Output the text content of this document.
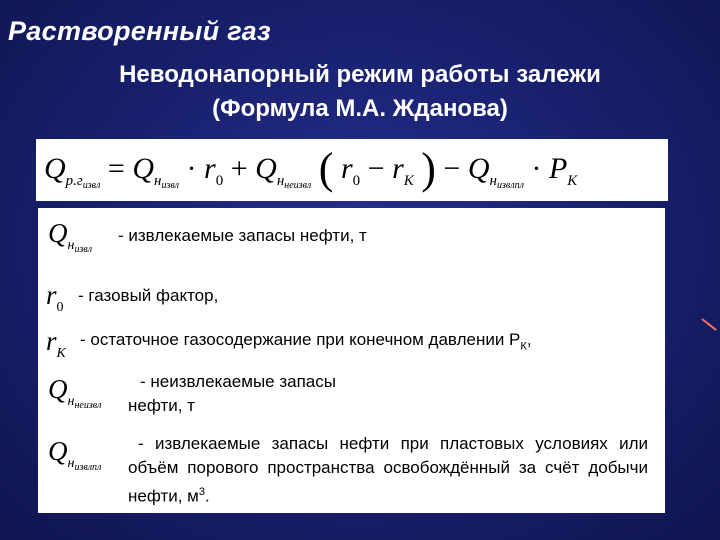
Растворенный газ
Неводонапорный режим работы залежи
(Формула М.А. Жданова)
$Q_{р.г_{извл}} = Q_{н_{извл}} \cdot r_0 + Q_{н_{неизвл}}$ ( $r_0 - r_K$ ) − $Q_{н_{извлпл}} \cdot P_K$
$Q_{н_{извл}}$
- извлекаемые запасы нефти, т
$r_0$
- газовый фактор,
$r_K$
- остаточное газосодержание при конечном давлении $Р_К$,
$Q_{н_{неизвл}}$
- неизвлекаемые запасы
нефти, т
$Q_{н_{извлпл}}$
- извлекаемые запасы нефти при пластовых условиях или объём порового пространства освобождённый за счёт добычи нефти, $м^3$.
